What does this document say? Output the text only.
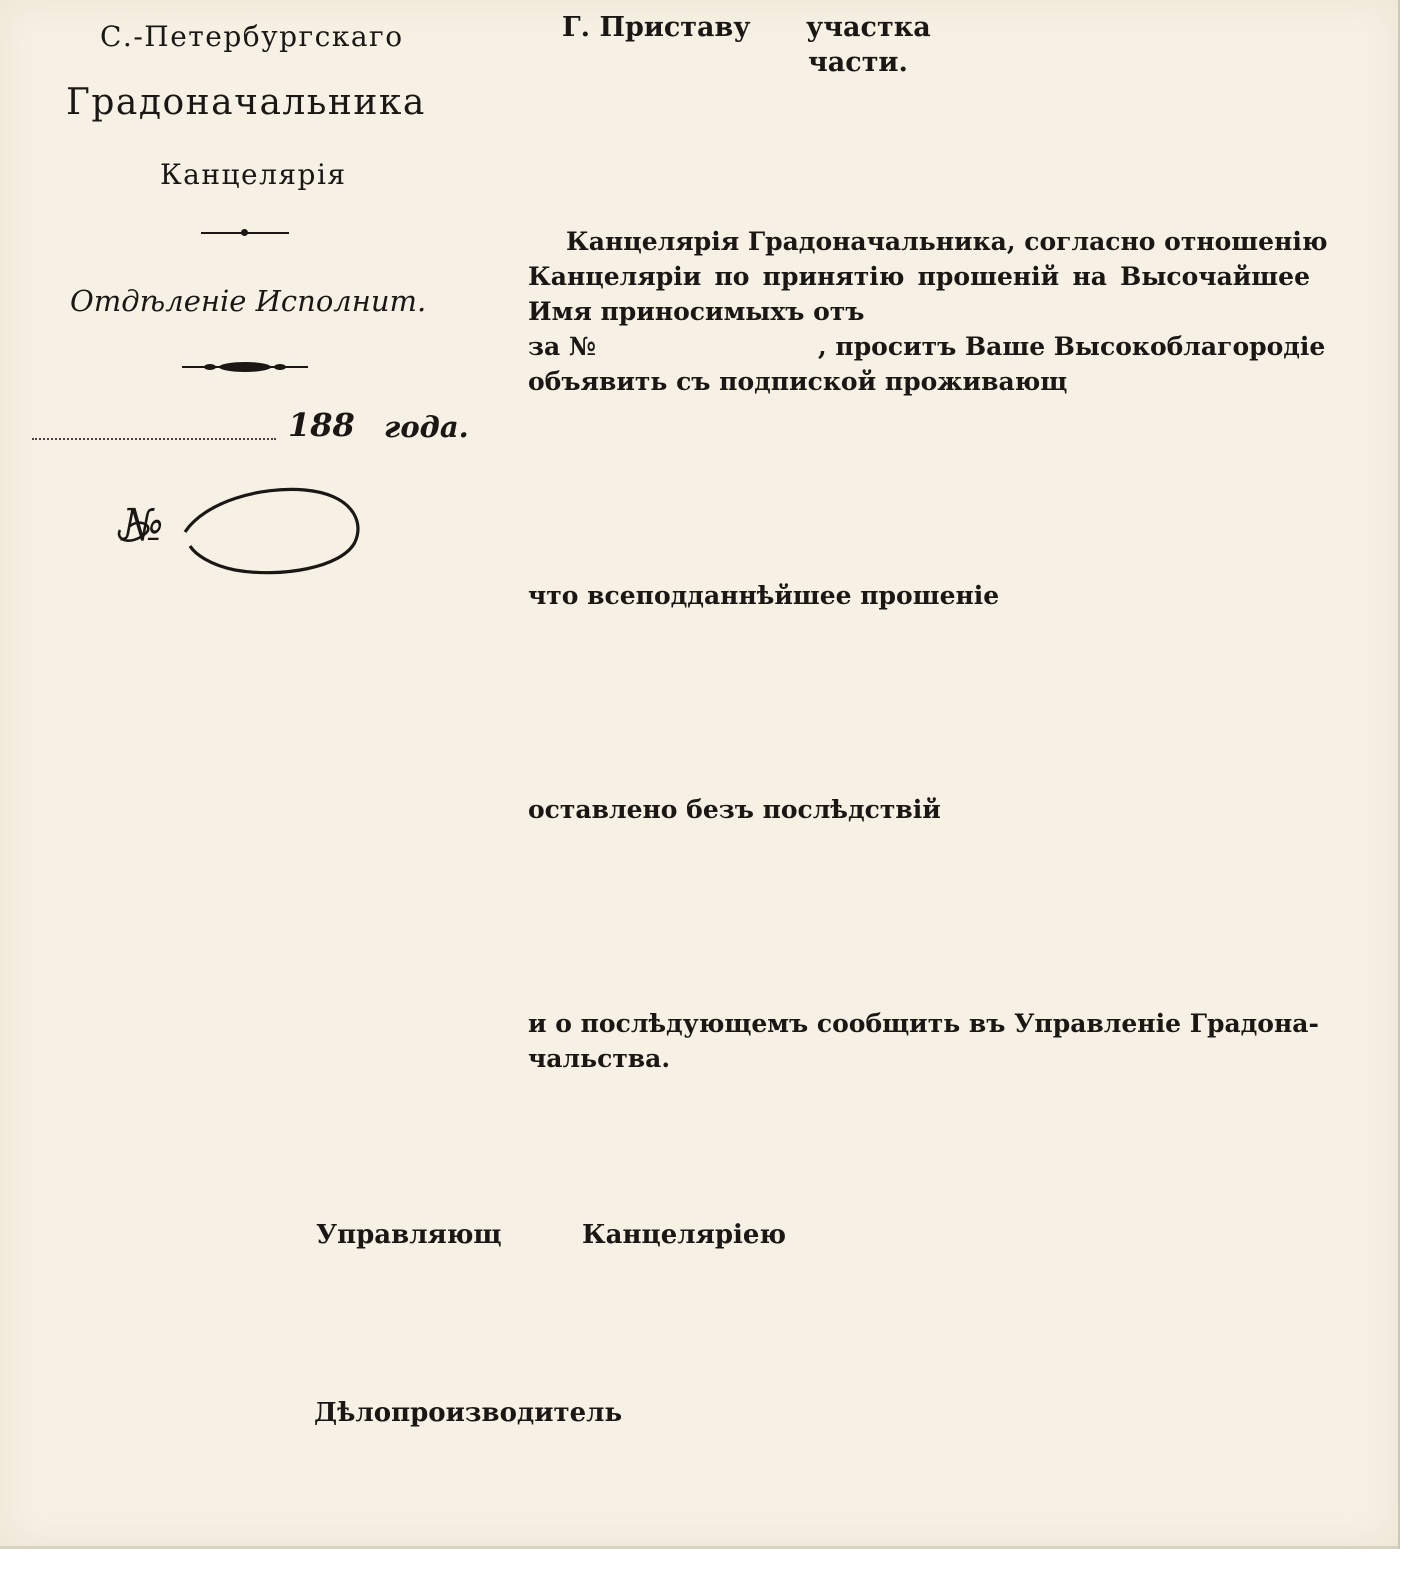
С.-Петербургскаго
Градоначальника
Канцелярія
Отдѣленіе Исполнит.
188 года.
№
Г. Приставу участка
части.
Канцелярія Градоначальника, согласно отношенію
Канцеляріи по принятію прошеній на Высочайшее
Имя приносимыхъ отъ
за №	, проситъ Ваше Высокоблагородіе
объявить съ подпиской проживающ
что всеподданнѣйшее прошеніе
оставлено безъ послѣдствій
и о послѣдующемъ сообщить въ Управленіе Градона-
чальства.
Управляющ	Канцеляріею
Дѣлопроизводитель
